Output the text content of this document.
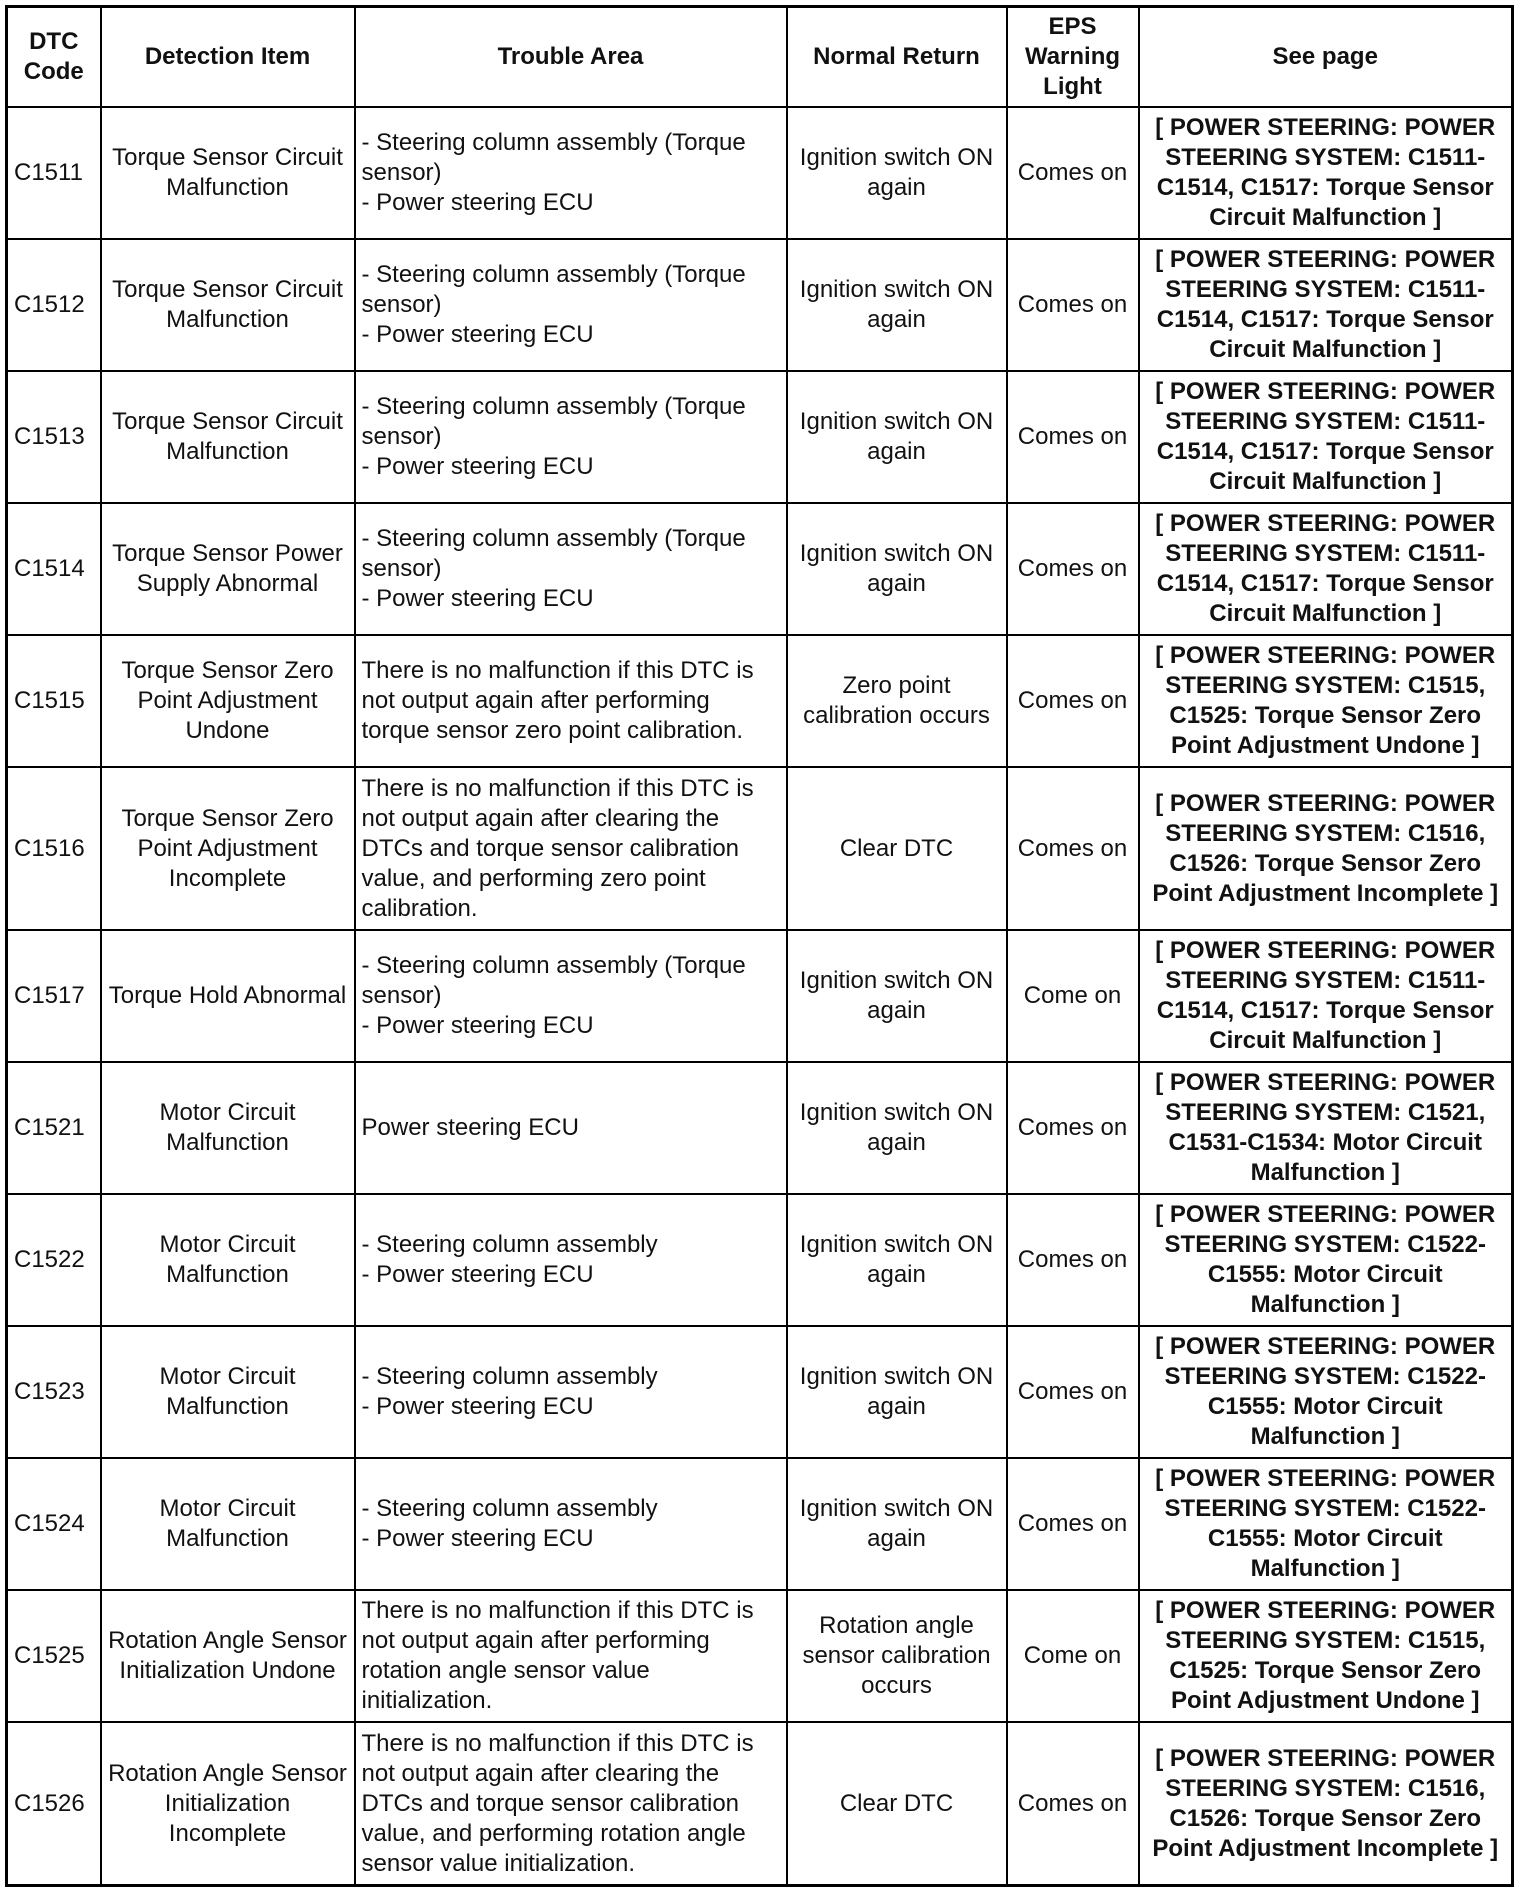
DTC Code	Detection Item	Trouble Area	Normal Return	EPS Warning Light	See page
C1511	Torque Sensor Circuit Malfunction	- Steering column assembly (Torque sensor)
- Power steering ECU	Ignition switch ON again	Comes on	[ POWER STEERING: POWER STEERING SYSTEM: C1511-C1514, C1517: Torque Sensor Circuit Malfunction ]
C1512	Torque Sensor Circuit Malfunction	- Steering column assembly (Torque sensor)
- Power steering ECU	Ignition switch ON again	Comes on	[ POWER STEERING: POWER STEERING SYSTEM: C1511-C1514, C1517: Torque Sensor Circuit Malfunction ]
C1513	Torque Sensor Circuit Malfunction	- Steering column assembly (Torque sensor)
- Power steering ECU	Ignition switch ON again	Comes on	[ POWER STEERING: POWER STEERING SYSTEM: C1511-C1514, C1517: Torque Sensor Circuit Malfunction ]
C1514	Torque Sensor Power Supply Abnormal	- Steering column assembly (Torque sensor)
- Power steering ECU	Ignition switch ON again	Comes on	[ POWER STEERING: POWER STEERING SYSTEM: C1511-C1514, C1517: Torque Sensor Circuit Malfunction ]
C1515	Torque Sensor Zero Point Adjustment Undone	There is no malfunction if this DTC is not output again after performing torque sensor zero point calibration.	Zero point calibration occurs	Comes on	[ POWER STEERING: POWER STEERING SYSTEM: C1515, C1525: Torque Sensor Zero Point Adjustment Undone ]
C1516	Torque Sensor Zero Point Adjustment Incomplete	There is no malfunction if this DTC is not output again after clearing the DTCs and torque sensor calibration value, and performing zero point calibration.	Clear DTC	Comes on	[ POWER STEERING: POWER STEERING SYSTEM: C1516, C1526: Torque Sensor Zero Point Adjustment Incomplete ]
C1517	Torque Hold Abnormal	- Steering column assembly (Torque sensor)
- Power steering ECU	Ignition switch ON again	Come on	[ POWER STEERING: POWER STEERING SYSTEM: C1511-C1514, C1517: Torque Sensor Circuit Malfunction ]
C1521	Motor Circuit Malfunction	Power steering ECU	Ignition switch ON again	Comes on	[ POWER STEERING: POWER STEERING SYSTEM: C1521, C1531-C1534: Motor Circuit Malfunction ]
C1522	Motor Circuit Malfunction	- Steering column assembly
- Power steering ECU	Ignition switch ON again	Comes on	[ POWER STEERING: POWER STEERING SYSTEM: C1522-C1555: Motor Circuit Malfunction ]
C1523	Motor Circuit Malfunction	- Steering column assembly
- Power steering ECU	Ignition switch ON again	Comes on	[ POWER STEERING: POWER STEERING SYSTEM: C1522-C1555: Motor Circuit Malfunction ]
C1524	Motor Circuit Malfunction	- Steering column assembly
- Power steering ECU	Ignition switch ON again	Comes on	[ POWER STEERING: POWER STEERING SYSTEM: C1522-C1555: Motor Circuit Malfunction ]
C1525	Rotation Angle Sensor Initialization Undone	There is no malfunction if this DTC is not output again after performing rotation angle sensor value initialization.	Rotation angle sensor calibration occurs	Come on	[ POWER STEERING: POWER STEERING SYSTEM: C1515, C1525: Torque Sensor Zero Point Adjustment Undone ]
C1526	Rotation Angle Sensor Initialization Incomplete	There is no malfunction if this DTC is not output again after clearing the DTCs and torque sensor calibration value, and performing rotation angle sensor value initialization.	Clear DTC	Comes on	[ POWER STEERING: POWER STEERING SYSTEM: C1516, C1526: Torque Sensor Zero Point Adjustment Incomplete ]
